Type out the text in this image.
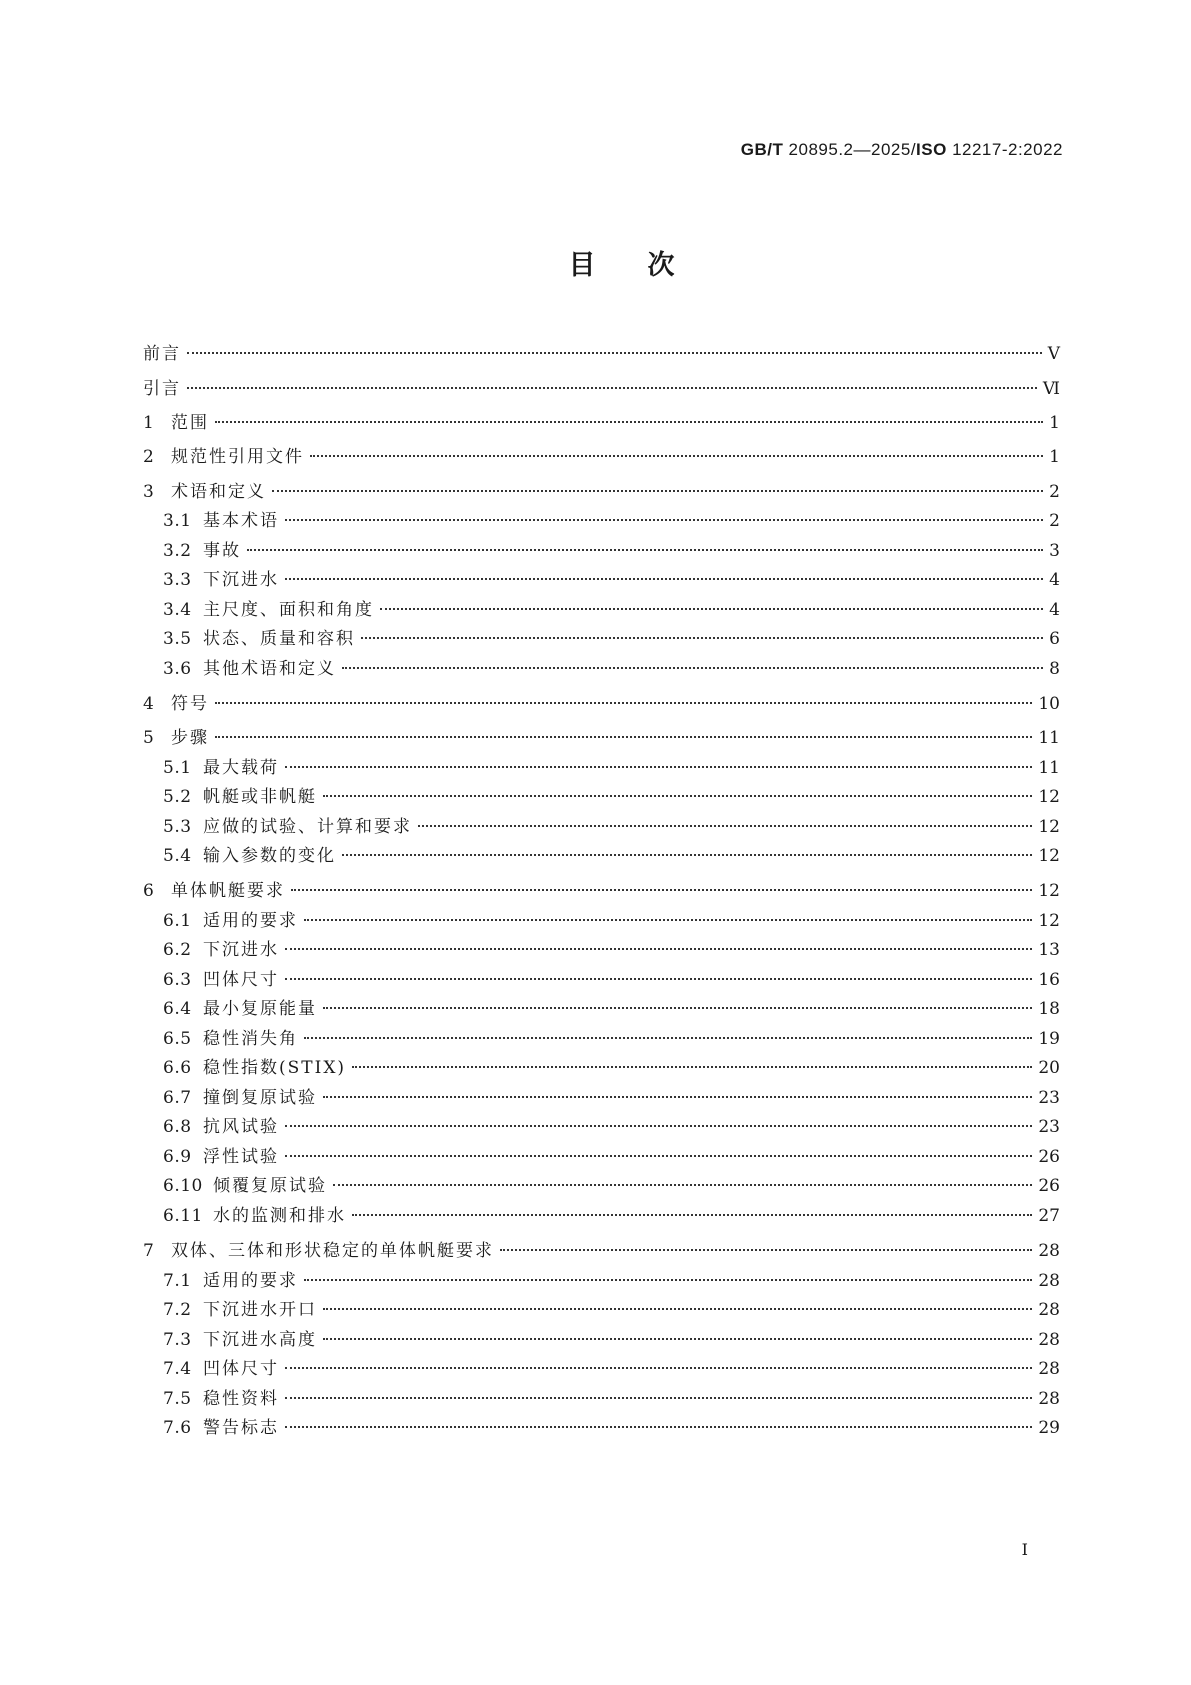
GB/T 20895.2—2025/ISO 12217-2:2022
目次
前言	Ⅴ
引言	Ⅵ
1 范围	1
2 规范性引用文件	1
3 术语和定义	2
3.1 基本术语	2
3.2 事故	3
3.3 下沉进水	4
3.4 主尺度、面积和角度	4
3.5 状态、质量和容积	6
3.6 其他术语和定义	8
4 符号	10
5 步骤	11
5.1 最大载荷	11
5.2 帆艇或非帆艇	12
5.3 应做的试验、计算和要求	12
5.4 输入参数的变化	12
6 单体帆艇要求	12
6.1 适用的要求	12
6.2 下沉进水	13
6.3 凹体尺寸	16
6.4 最小复原能量	18
6.5 稳性消失角	19
6.6 稳性指数(STIX)	20
6.7 撞倒复原试验	23
6.8 抗风试验	23
6.9 浮性试验	26
6.10 倾覆复原试验	26
6.11 水的监测和排水	27
7 双体、三体和形状稳定的单体帆艇要求	28
7.1 适用的要求	28
7.2 下沉进水开口	28
7.3 下沉进水高度	28
7.4 凹体尺寸	28
7.5 稳性资料	28
7.6 警告标志	29
Ⅰ
